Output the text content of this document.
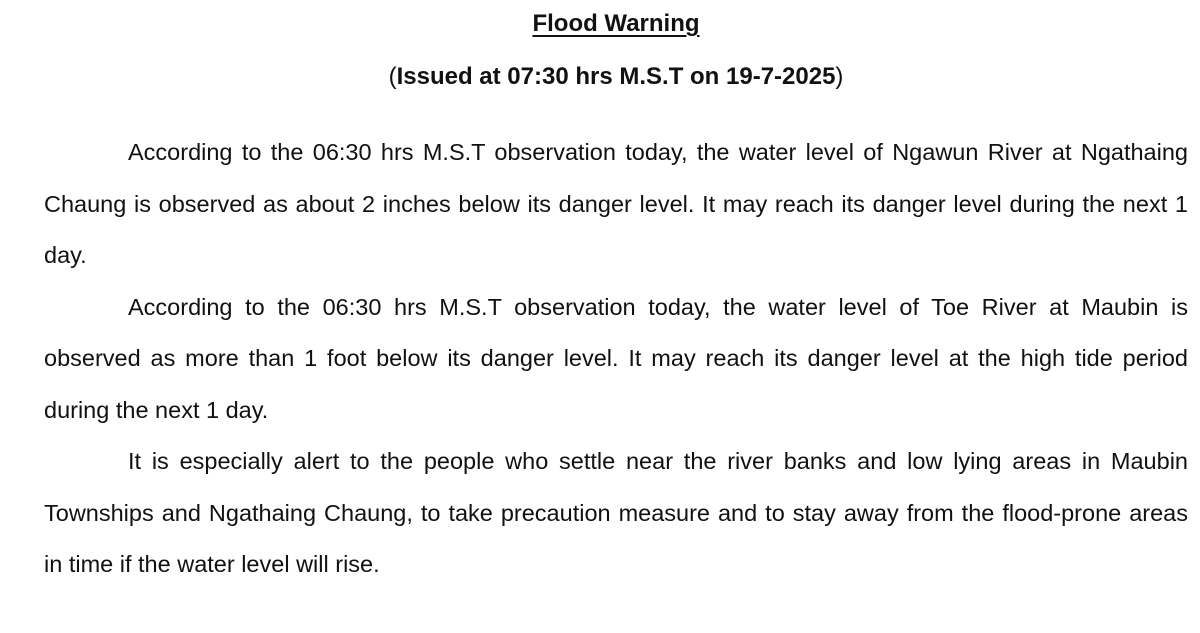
Flood Warning
(Issued at 07:30 hrs M.S.T on 19-7-2025)

According to the 06:30 hrs M.S.T observation today, the water level of Ngawun River at Ngathaing Chaung is observed as about 2 inches below its danger level. It may reach its danger level during the next 1 day.

According to the 06:30 hrs M.S.T observation today, the water level of Toe River at Maubin is observed as more than 1 foot below its danger level. It may reach its danger level at the high tide period during the next 1 day.

It is especially alert to the people who settle near the river banks and low lying areas in Maubin Townships and Ngathaing Chaung, to take precaution measure and to stay away from the flood-prone areas in time if the water level will rise.
